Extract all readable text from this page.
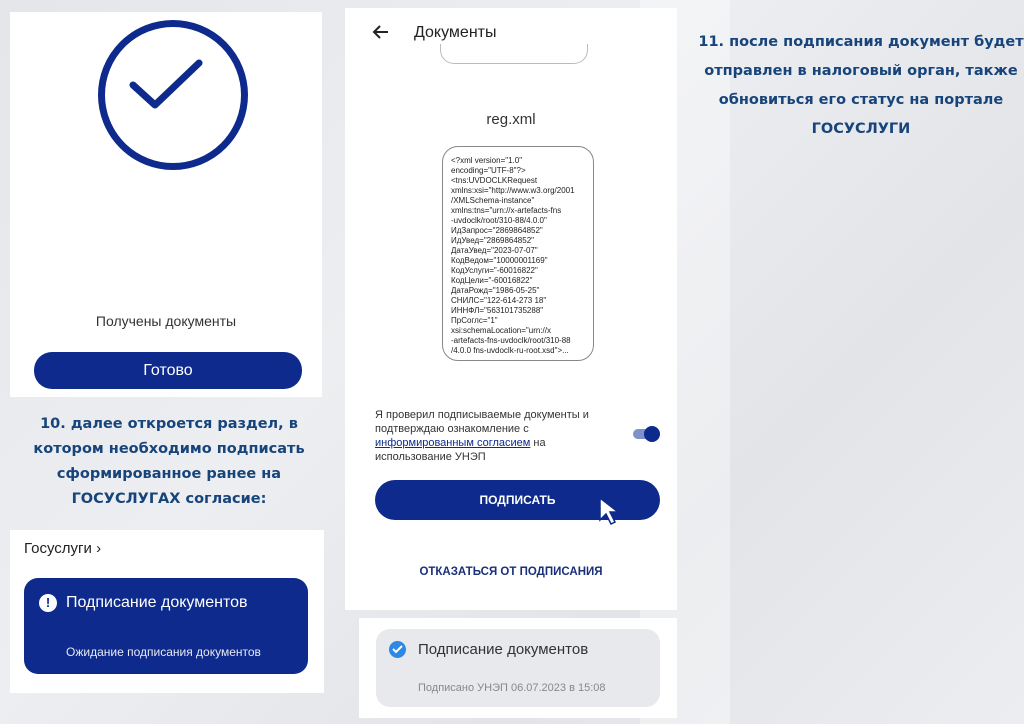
Получены документы
Готово
10. далее откроется раздел, в котором необходимо подписать сформированное ранее на ГОСУСЛУГАХ согласие:
Госуслуги ›
! Подписание документов
Ожидание подписания документов
Документы
reg.xml
<?xml version="1.0"
encoding="UTF-8"?>
<tns:UVDOCLKRequest
xmlns:xsi="http://www.w3.org/2001
/XMLSchema-instance"
xmlns:tns="urn://x-artefacts-fns
-uvdoclk/root/310-88/4.0.0"
ИдЗапрос="2869864852"
ИдУвед="2869864852"
ДатаУвед="2023-07-07"
КодВедом="10000001169"
КодУслуги="-60016822"
КодЦели="-60016822"
ДатаРожд="1986-05-25"
СНИЛС="122-614-273 18"
ИННФЛ="563101735288"
ПрСоглс="1"
xsi:schemaLocation="urn://x
-artefacts-fns-uvdoclk/root/310-88
/4.0.0 fns-uvdoclk-ru-root.xsd">...
Я проверил подписываемые документы и подтверждаю ознакомление с информированным согласием на использование УНЭП
ПОДПИСАТЬ
ОТКАЗАТЬСЯ ОТ ПОДПИСАНИЯ
Подписание документов
Подписано УНЭП 06.07.2023 в 15:08
11. после подписания документ будет отправлен в налоговый орган, также обновиться его статус на портале ГОСУСЛУГИ
